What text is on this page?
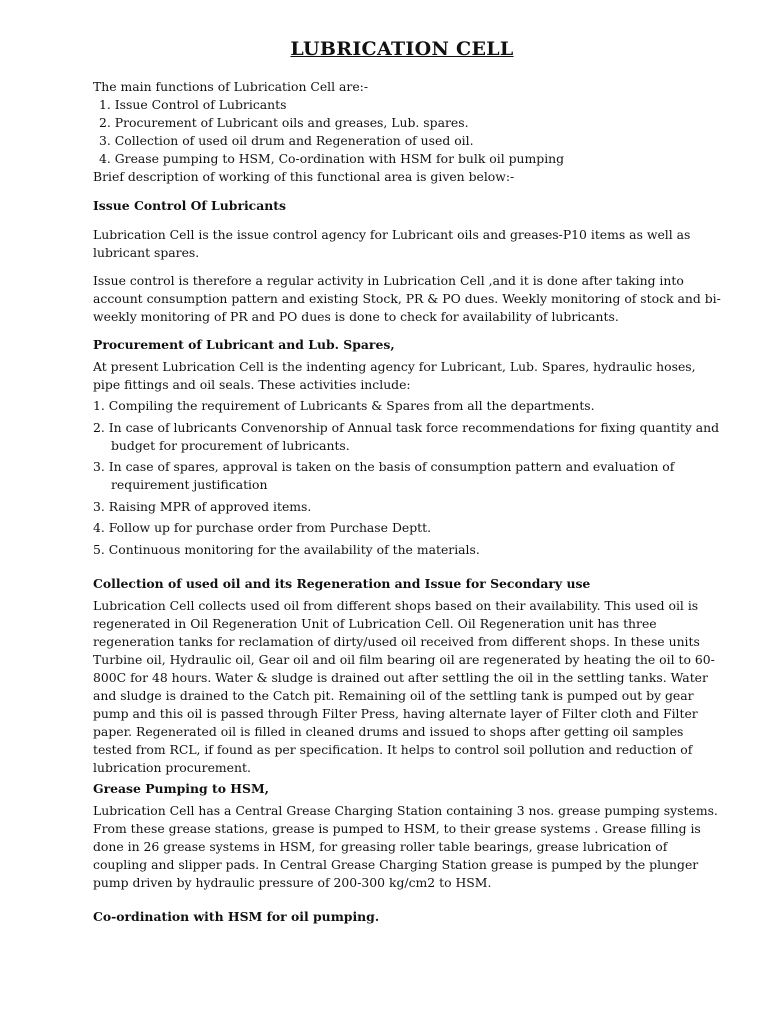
LUBRICATION CELL

The main functions of Lubrication Cell are:-

1. Issue Control of Lubricants
2. Procurement of Lubricant oils and greases, Lub. spares.
3. Collection of used oil drum and Regeneration of used oil.
4. Grease pumping to HSM, Co-ordination with HSM for bulk oil pumping

Brief description of working of this functional area is given below:-

Issue Control Of Lubricants

Lubrication Cell is the issue control agency for Lubricant oils and greases-P10 items as well as lubricant spares.

Issue control is therefore a regular activity in Lubrication Cell ,and it is done after taking into account consumption pattern and existing Stock, PR & PO dues. Weekly monitoring of stock and bi-weekly monitoring of PR and PO dues is done to check for availability of lubricants.

Procurement of Lubricant and Lub. Spares,

At present Lubrication Cell is the indenting agency for Lubricant, Lub. Spares, hydraulic hoses, pipe fittings and oil seals. These activities include:

1. Compiling the requirement of Lubricants & Spares from all the departments.
2. In case of lubricants Convenorship of Annual task force recommendations for fixing quantity and budget for procurement of lubricants.
3. In case of spares, approval is taken on the basis of consumption pattern and evaluation of requirement justification
3. Raising MPR of approved items.
4. Follow up for purchase order from Purchase Deptt.
5. Continuous monitoring for the availability of the materials.

Collection of used oil and its Regeneration and Issue for Secondary use

Lubrication Cell collects used oil from different shops based on their availability. This used oil is regenerated in Oil Regeneration Unit of Lubrication Cell. Oil Regeneration unit has three regeneration tanks for reclamation of dirty/used oil received from different shops. In these units Turbine oil, Hydraulic oil, Gear oil and oil film bearing oil are regenerated by heating the oil to 60- 800C for 48 hours. Water & sludge is drained out after settling the oil in the settling tanks. Water and sludge is drained to the Catch pit. Remaining oil of the settling tank is pumped out by gear pump and this oil is passed through Filter Press, having alternate layer of Filter cloth and Filter paper. Regenerated oil is filled in cleaned drums and issued to shops after getting oil samples tested from RCL, if found as per specification. It helps to control soil pollution and reduction of lubrication procurement.

Grease Pumping to HSM,

Lubrication Cell has a Central Grease Charging Station containing 3 nos. grease pumping systems. From these grease stations, grease is pumped to HSM, to their grease systems . Grease filling is done in 26 grease systems in HSM, for greasing roller table bearings, grease lubrication of coupling and slipper pads. In Central Grease Charging Station grease is pumped by the plunger pump driven by hydraulic pressure of 200-300 kg/cm2 to HSM.

Co-ordination with HSM for oil pumping.
